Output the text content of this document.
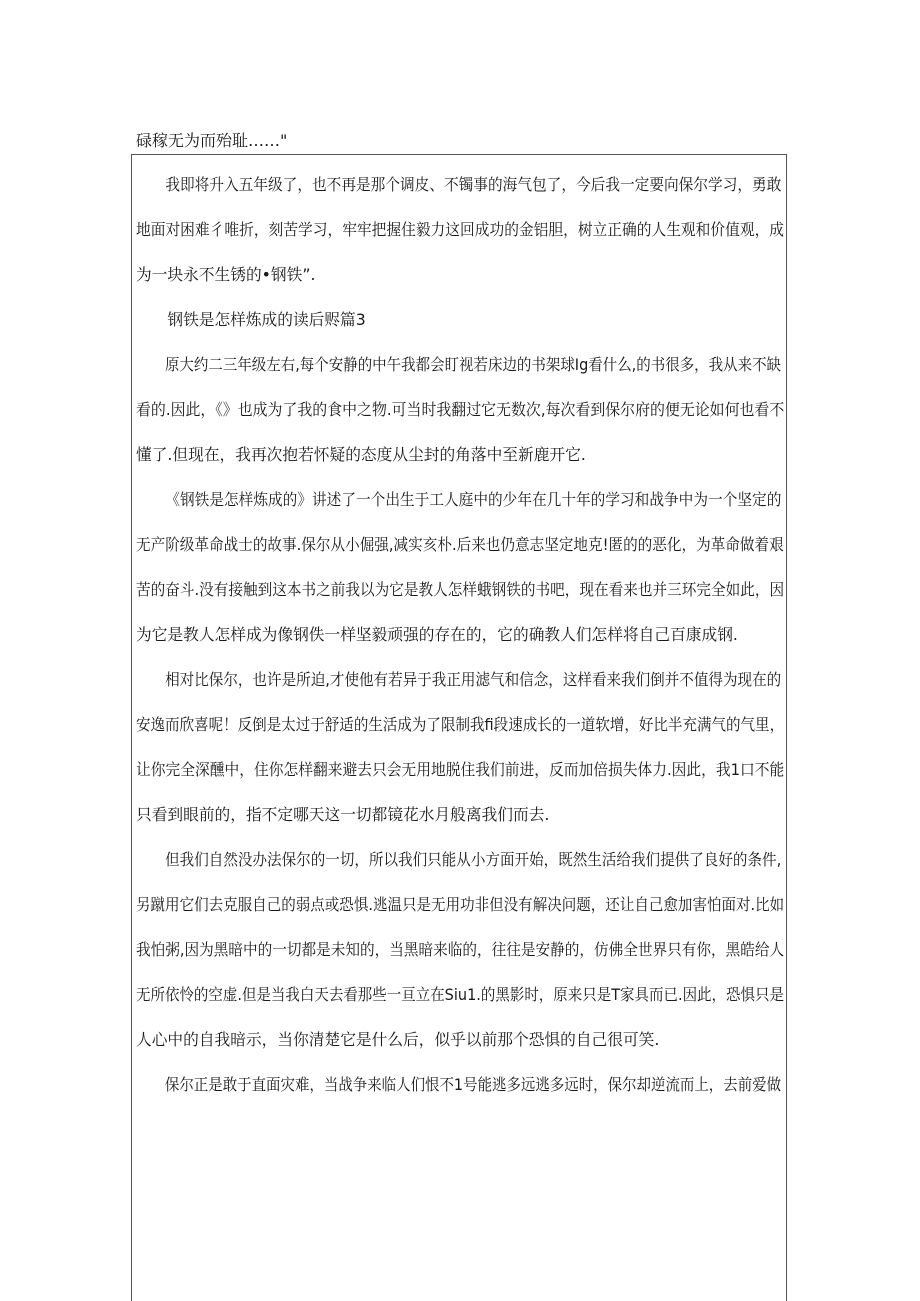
碌稼无为而殆耻……"
我即将升入五年级了，也不再是那个调皮、不镯事的海气包了，今后我一定要向保尔学习，勇敢
地面对困难彳唯折，刻苦学习，牢牢把握住毅力这回成功的金铝胆，树立正确的人生观和价值观，成
为一块永不生锈的•钢铁”.
钢铁是怎样炼成的读后赆篇3
原大约二三年级左右,每个安静的中午我都会盯视若床边的书架球Ig看什么,的书很多，我从来不缺
看的.因此，《》也成为了我的食中之物.可当时我翻过它无数次,每次看到保尔府的便无论如何也看不
懂了.但现在，我再次抱若怀疑的态度从尘封的角落中至新鹿开它.
《钢铁是怎样炼成的》讲述了一个出生于工人庭中的少年在几十年的学习和战争中为一个坚定的
无产阶级革命战士的故事.保尔从小倔强,减实亥朴.后来也仍意志坚定地克!匿的的恶化，为革命做着艰
苦的奋斗.没有接触到这本书之前我以为它是教人怎样蛾钢铁的书吧，现在看来也并三环完全如此，因
为它是教人怎样成为像钢佚一样坚毅顽强的存在的，它的确教人们怎样将自己百康成钢.
相对比保尔，也许是所迫,才使他有若异于我正用滤气和信念，这样看来我们倒并不值得为现在的
安逸而欣喜呢！反倒是太过于舒适的生活成为了限制我fi段速成长的一道软增，好比半充满气的气里，
让你完全深醺中，住你怎样翻来避去只会无用地脱住我们前进，反而加倍损失体力.因此，我1口不能
只看到眼前的，指不定哪天这一切都镜花水月般离我们而去.
但我们自然没办法保尔的一切，所以我们只能从小方面开始，既然生活给我们提供了良好的条件,
另蹴用它们去克服自己的弱点或恐惧.逃温只是无用功非但没有解决问题，还让自己愈加害怕面对.比如
我怕粥,因为黑暗中的一切都是未知的，当黑暗来临的，往往是安静的，仿佛全世界只有你，黑皓给人
无所依怜的空虚.但是当我白天去看那些一亘立在Siu1.的黑影时，原来只是T家具而已.因此，恐惧只是
人心中的自我暗示，当你清楚它是什么后，似乎以前那个恐惧的自己很可笑.
保尔正是敢于直面灾难，当战争来临人们恨不1号能逃多远逃多远时，保尔却逆流而上，去前爱做
